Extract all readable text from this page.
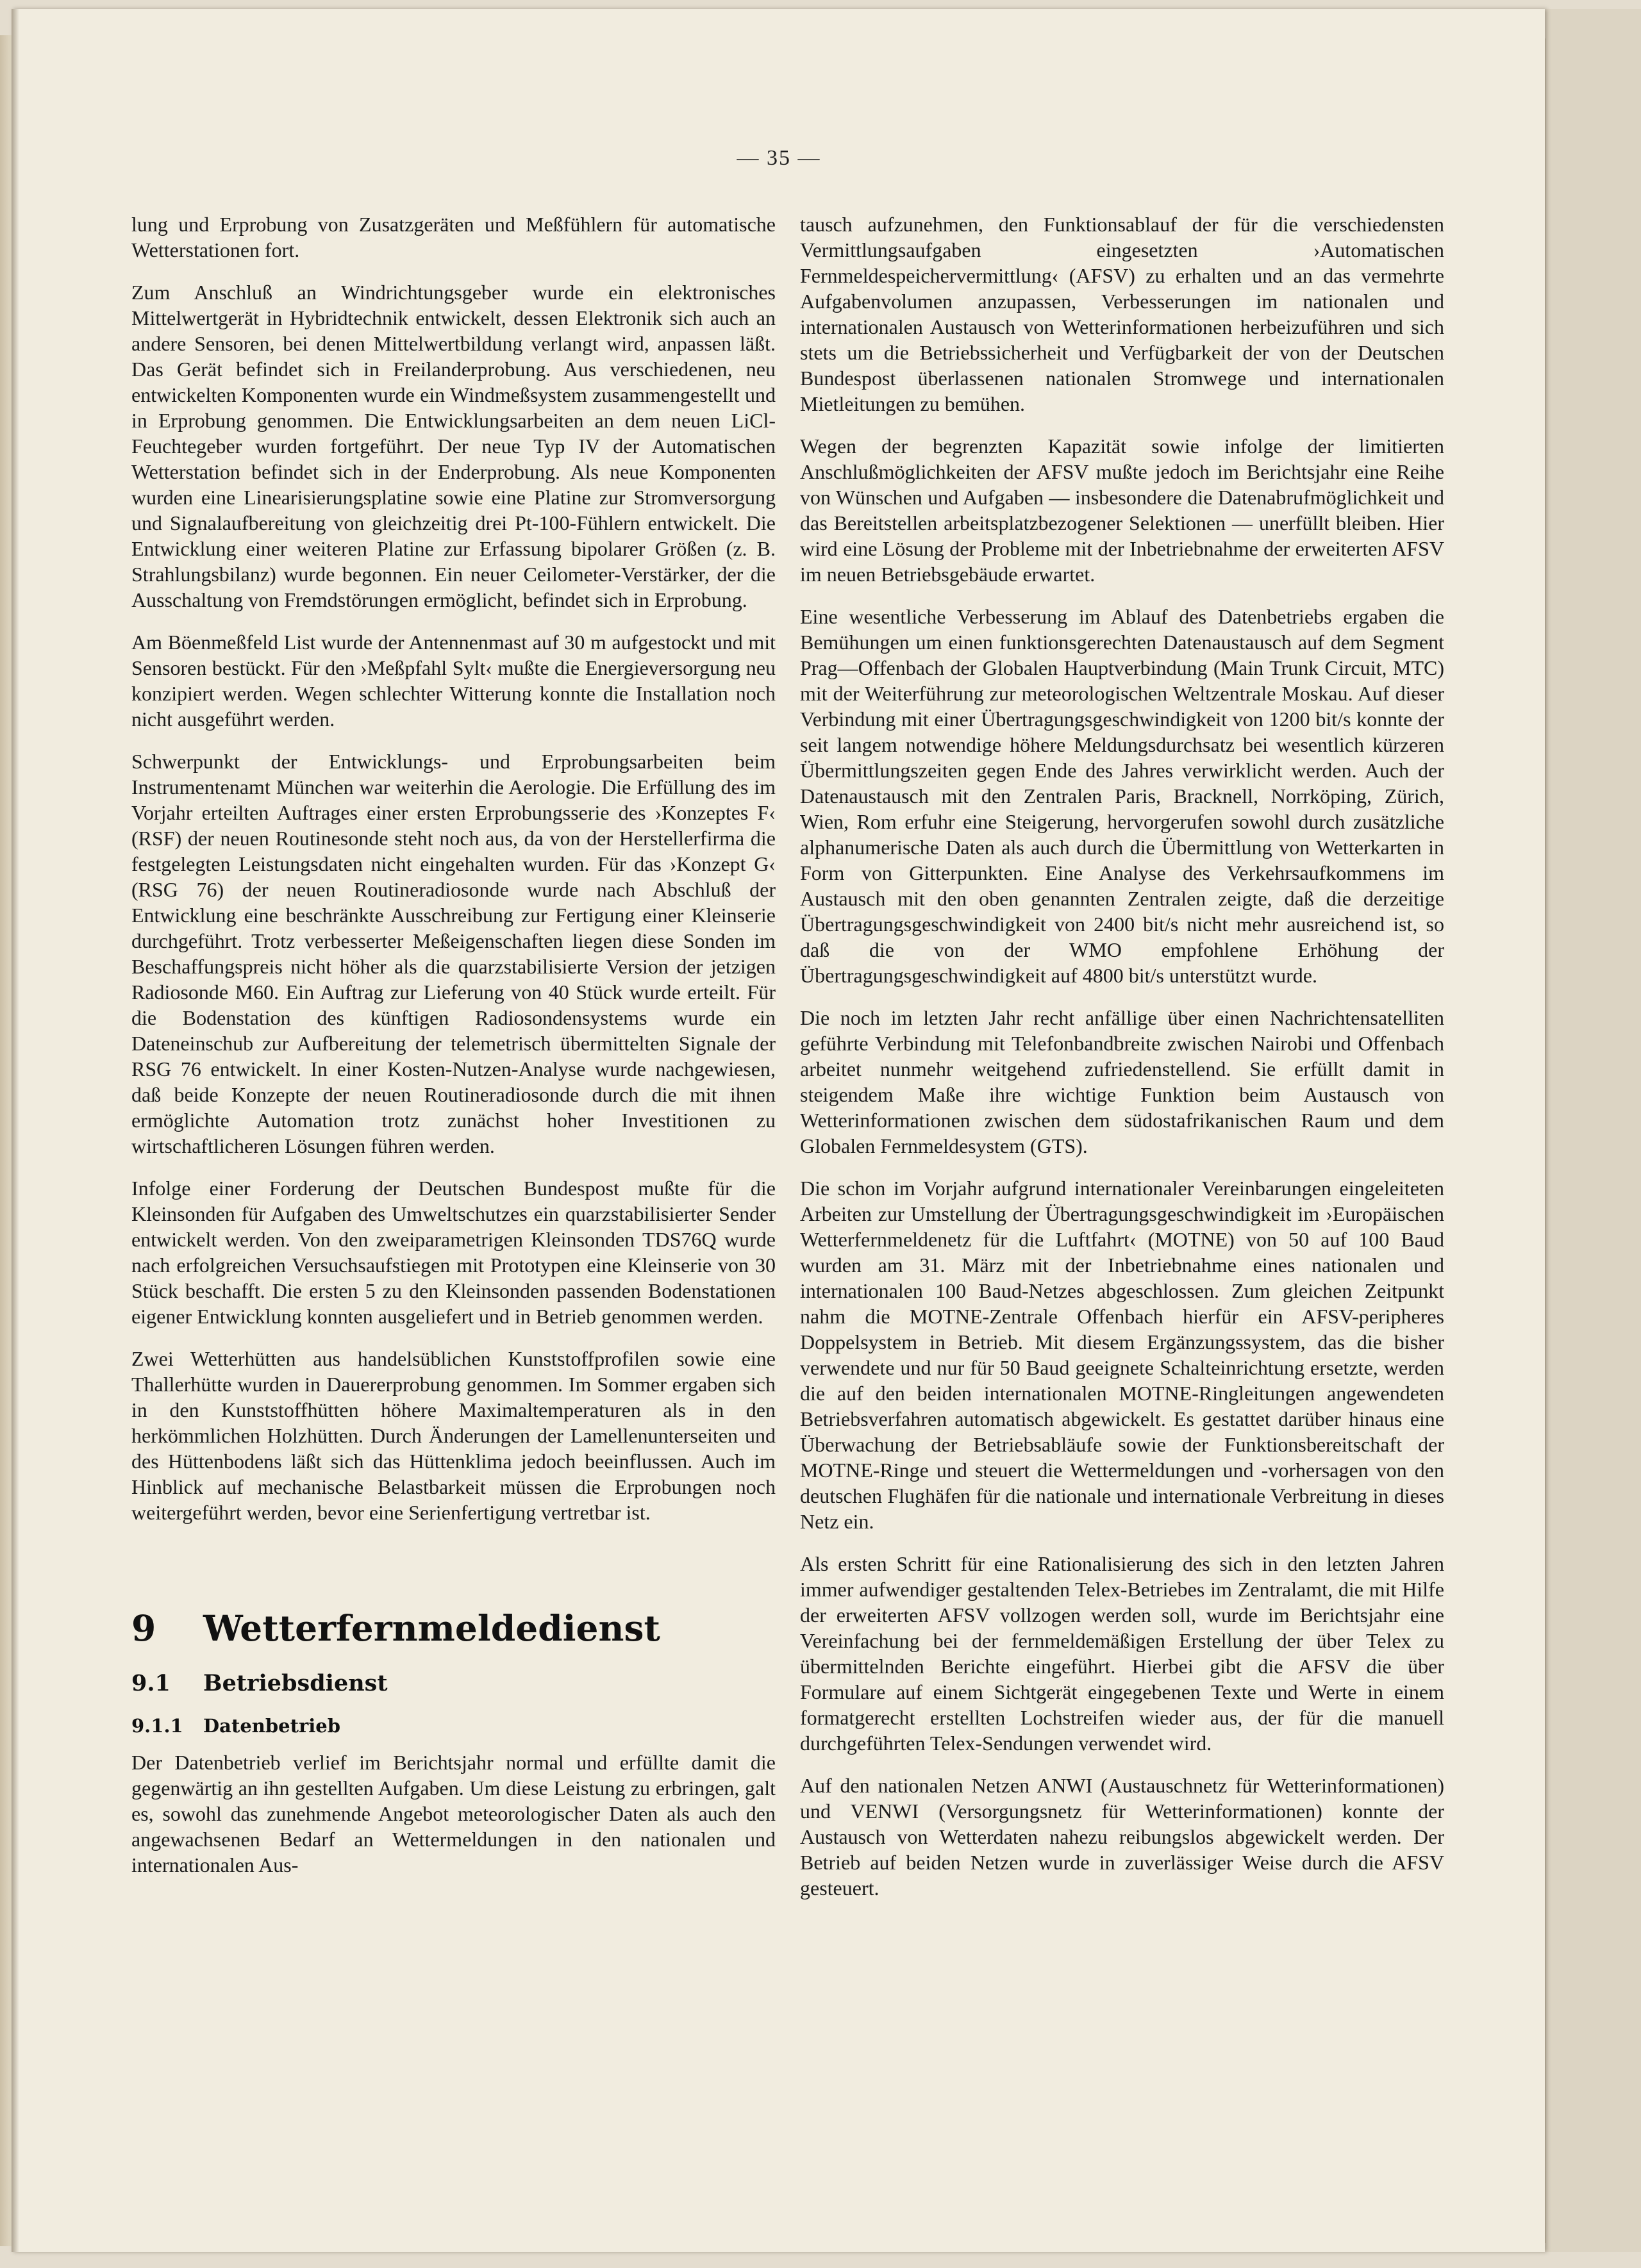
— 35 —

lung und Erprobung von Zusatzgeräten und Meßfühlern für automatische Wetterstationen fort.

Zum Anschluß an Windrichtungsgeber wurde ein elektronisches Mittelwertgerät in Hybridtechnik entwickelt, dessen Elektronik sich auch an andere Sensoren, bei denen Mittelwertbildung verlangt wird, anpassen läßt. Das Gerät befindet sich in Freilanderprobung. Aus verschiedenen, neu entwickelten Komponenten wurde ein Windmeßsystem zusammengestellt und in Erprobung genommen. Die Entwicklungsarbeiten an dem neuen LiCl-Feuchtegeber wurden fortgeführt. Der neue Typ IV der Automatischen Wetterstation befindet sich in der Enderprobung. Als neue Komponenten wurden eine Linearisierungsplatine sowie eine Platine zur Stromversorgung und Signalaufbereitung von gleichzeitig drei Pt-100-Fühlern entwickelt. Die Entwicklung einer weiteren Platine zur Erfassung bipolarer Größen (z. B. Strahlungsbilanz) wurde begonnen. Ein neuer Ceilometer-Verstärker, der die Ausschaltung von Fremdstörungen ermöglicht, befindet sich in Erprobung.

Am Böenmeßfeld List wurde der Antennenmast auf 30 m aufgestockt und mit Sensoren bestückt. Für den ›Meßpfahl Sylt‹ mußte die Energieversorgung neu konzipiert werden. Wegen schlechter Witterung konnte die Installation noch nicht ausgeführt werden.

Schwerpunkt der Entwicklungs- und Erprobungsarbeiten beim Instrumentenamt München war weiterhin die Aerologie. Die Erfüllung des im Vorjahr erteilten Auftrages einer ersten Erprobungsserie des ›Konzeptes F‹ (RSF) der neuen Routinesonde steht noch aus, da von der Herstellerfirma die festgelegten Leistungsdaten nicht eingehalten wurden. Für das ›Konzept G‹ (RSG 76) der neuen Routineradiosonde wurde nach Abschluß der Entwicklung eine beschränkte Ausschreibung zur Fertigung einer Kleinserie durchgeführt. Trotz verbesserter Meßeigenschaften liegen diese Sonden im Beschaffungspreis nicht höher als die quarzstabilisierte Version der jetzigen Radiosonde M60. Ein Auftrag zur Lieferung von 40 Stück wurde erteilt. Für die Bodenstation des künftigen Radiosondensystems wurde ein Dateneinschub zur Aufbereitung der telemetrisch übermittelten Signale der RSG 76 entwickelt. In einer Kosten-Nutzen-Analyse wurde nachgewiesen, daß beide Konzepte der neuen Routineradiosonde durch die mit ihnen ermöglichte Automation trotz zunächst hoher Investitionen zu wirtschaftlicheren Lösungen führen werden.

Infolge einer Forderung der Deutschen Bundespost mußte für die Kleinsonden für Aufgaben des Umweltschutzes ein quarzstabilisierter Sender entwickelt werden. Von den zweiparametrigen Kleinsonden TDS76Q wurde nach erfolgreichen Versuchsaufstiegen mit Prototypen eine Kleinserie von 30 Stück beschafft. Die ersten 5 zu den Kleinsonden passenden Bodenstationen eigener Entwicklung konnten ausgeliefert und in Betrieb genommen werden.

Zwei Wetterhütten aus handelsüblichen Kunststoffprofilen sowie eine Thallerhütte wurden in Dauererprobung genommen. Im Sommer ergaben sich in den Kunststoffhütten höhere Maximaltemperaturen als in den herkömmlichen Holzhütten. Durch Änderungen der Lamellenunterseiten und des Hüttenbodens läßt sich das Hüttenklima jedoch beeinflussen. Auch im Hinblick auf mechanische Belastbarkeit müssen die Erprobungen noch weitergeführt werden, bevor eine Serienfertigung vertretbar ist.

9 Wetterfernmeldedienst
9.1 Betriebsdienst
9.1.1 Datenbetrieb

Der Datenbetrieb verlief im Berichtsjahr normal und erfüllte damit die gegenwärtig an ihn gestellten Aufgaben. Um diese Leistung zu erbringen, galt es, sowohl das zunehmende Angebot meteorologischer Daten als auch den angewachsenen Bedarf an Wettermeldungen in den nationalen und internationalen Aus-

tausch aufzunehmen, den Funktionsablauf der für die verschiedensten Vermittlungsaufgaben eingesetzten ›Automatischen Fernmeldespeichervermittlung‹ (AFSV) zu erhalten und an das vermehrte Aufgabenvolumen anzupassen, Verbesserungen im nationalen und internationalen Austausch von Wetterinformationen herbeizuführen und sich stets um die Betriebssicherheit und Verfügbarkeit der von der Deutschen Bundespost überlassenen nationalen Stromwege und internationalen Mietleitungen zu bemühen.

Wegen der begrenzten Kapazität sowie infolge der limitierten Anschlußmöglichkeiten der AFSV mußte jedoch im Berichtsjahr eine Reihe von Wünschen und Aufgaben — insbesondere die Datenabrufmöglichkeit und das Bereitstellen arbeitsplatzbezogener Selektionen — unerfüllt bleiben. Hier wird eine Lösung der Probleme mit der Inbetriebnahme der erweiterten AFSV im neuen Betriebsgebäude erwartet.

Eine wesentliche Verbesserung im Ablauf des Datenbetriebs ergaben die Bemühungen um einen funktionsgerechten Datenaustausch auf dem Segment Prag—Offenbach der Globalen Hauptverbindung (Main Trunk Circuit, MTC) mit der Weiterführung zur meteorologischen Weltzentrale Moskau. Auf dieser Verbindung mit einer Übertragungsgeschwindigkeit von 1200 bit/s konnte der seit langem notwendige höhere Meldungsdurchsatz bei wesentlich kürzeren Übermittlungszeiten gegen Ende des Jahres verwirklicht werden. Auch der Datenaustausch mit den Zentralen Paris, Bracknell, Norrköping, Zürich, Wien, Rom erfuhr eine Steigerung, hervorgerufen sowohl durch zusätzliche alphanumerische Daten als auch durch die Übermittlung von Wetterkarten in Form von Gitterpunkten. Eine Analyse des Verkehrsaufkommens im Austausch mit den oben genannten Zentralen zeigte, daß die derzeitige Übertragungsgeschwindigkeit von 2400 bit/s nicht mehr ausreichend ist, so daß die von der WMO empfohlene Erhöhung der Übertragungsgeschwindigkeit auf 4800 bit/s unterstützt wurde.

Die noch im letzten Jahr recht anfällige über einen Nachrichtensatelliten geführte Verbindung mit Telefonbandbreite zwischen Nairobi und Offenbach arbeitet nunmehr weitgehend zufriedenstellend. Sie erfüllt damit in steigendem Maße ihre wichtige Funktion beim Austausch von Wetterinformationen zwischen dem südostafrikanischen Raum und dem Globalen Fernmeldesystem (GTS).

Die schon im Vorjahr aufgrund internationaler Vereinbarungen eingeleiteten Arbeiten zur Umstellung der Übertragungsgeschwindigkeit im ›Europäischen Wetterfernmeldenetz für die Luftfahrt‹ (MOTNE) von 50 auf 100 Baud wurden am 31. März mit der Inbetriebnahme eines nationalen und internationalen 100 Baud-Netzes abgeschlossen. Zum gleichen Zeitpunkt nahm die MOTNE-Zentrale Offenbach hierfür ein AFSV-peripheres Doppelsystem in Betrieb. Mit diesem Ergänzungssystem, das die bisher verwendete und nur für 50 Baud geeignete Schalteinrichtung ersetzte, werden die auf den beiden internationalen MOTNE-Ringleitungen angewendeten Betriebsverfahren automatisch abgewickelt. Es gestattet darüber hinaus eine Überwachung der Betriebsabläufe sowie der Funktionsbereitschaft der MOTNE-Ringe und steuert die Wettermeldungen und -vorhersagen von den deutschen Flughäfen für die nationale und internationale Verbreitung in dieses Netz ein.

Als ersten Schritt für eine Rationalisierung des sich in den letzten Jahren immer aufwendiger gestaltenden Telex-Betriebes im Zentralamt, die mit Hilfe der erweiterten AFSV vollzogen werden soll, wurde im Berichtsjahr eine Vereinfachung bei der fernmeldemäßigen Erstellung der über Telex zu übermittelnden Berichte eingeführt. Hierbei gibt die AFSV die über Formulare auf einem Sichtgerät eingegebenen Texte und Werte in einem formatgerecht erstellten Lochstreifen wieder aus, der für die manuell durchgeführten Telex-Sendungen verwendet wird.

Auf den nationalen Netzen ANWI (Austauschnetz für Wetterinformationen) und VENWI (Versorgungsnetz für Wetterinformationen) konnte der Austausch von Wetterdaten nahezu reibungslos abgewickelt werden. Der Betrieb auf beiden Netzen wurde in zuverlässiger Weise durch die AFSV gesteuert.
